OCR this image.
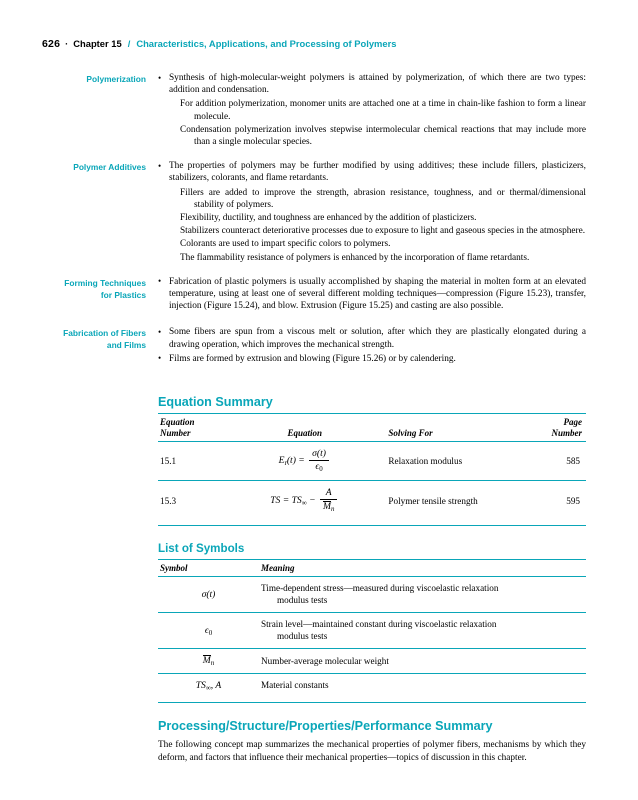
626 · Chapter 15 / Characteristics, Applications, and Processing of Polymers
Polymerization	• Synthesis of high-molecular-weight polymers is attained by polymerization, of which there are two types: addition and condensation.
For addition polymerization, monomer units are attached one at a time in chain-like fashion to form a linear molecule.
Condensation polymerization involves stepwise intermolecular chemical reactions that may include more than a single molecular species.
Polymer Additives	• The properties of polymers may be further modified by using additives; these include fillers, plasticizers, stabilizers, colorants, and flame retardants.
Fillers are added to improve the strength, abrasion resistance, toughness, and or thermal/dimensional stability of polymers.
Flexibility, ductility, and toughness are enhanced by the addition of plasticizers.
Stabilizers counteract deteriorative processes due to exposure to light and gaseous species in the atmosphere.
Colorants are used to impart specific colors to polymers.
The flammability resistance of polymers is enhanced by the incorporation of flame retardants.
Forming Techniques
for Plastics
• Fabrication of plastic polymers is usually accomplished by shaping the material in molten form at an elevated temperature, using at least one of several different molding techniques—compression (Figure 15.23), transfer, injection (Figure 15.24), and blow. Extrusion (Figure 15.25) and casting are also possible.
Fabrication of Fibers
and Films
• Some fibers are spun from a viscous melt or solution, after which they are plastically elongated during a drawing operation, which improves the mechanical strength.
• Films are formed by extrusion and blowing (Figure 15.26) or by calendering.
Equation Summary
Equation
Number	Equation	Solving For	
Page
Number

15.1	$E_r(t) = \frac{\sigma(t)}{\epsilon_0}$	Relaxation modulus	585
15.3	TS = $TS_\infty - \frac{A}{M_n}$	Polymer tensile strength	595
List of Symbols
Symbol	Meaning
σ(t)	Time-dependent stress—measured during viscoelastic relaxation
modulus tests

$\epsilon_0$	Strain level—maintained constant during viscoelastic relaxation
modulus tests

$M_n$	Number-average molecular weight
$TS_\infty$, A	Material constants
Processing/Structure/Properties/Performance Summary
The following concept map summarizes the mechanical properties of polymer fibers, mechanisms by which they deform, and factors that influence their mechanical properties—topics of discussion in this chapter.
